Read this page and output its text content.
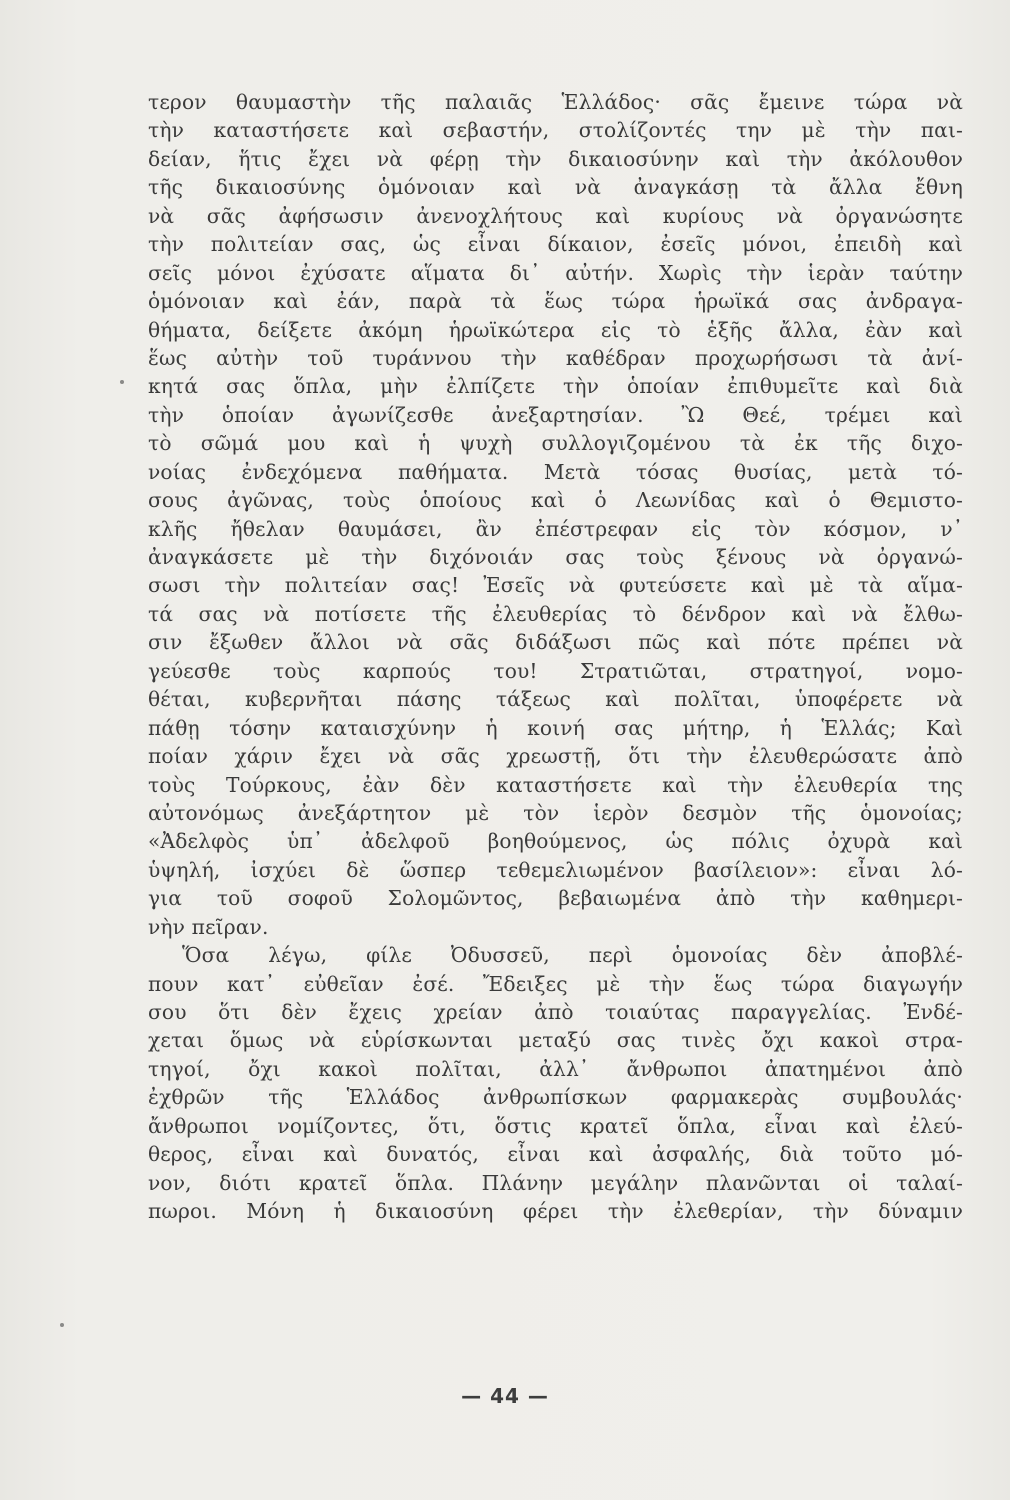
τερον θαυμαστὴν τῆς παλαιᾶς Ἑλλάδος· σᾶς ἔμεινε τώρα νὰ
τὴν καταστήσετε καὶ σεβαστήν, στολίζοντές την μὲ τὴν παι-
δείαν, ἥτις ἔχει νὰ φέρῃ τὴν δικαιοσύνην καὶ τὴν ἀκόλουθον
τῆς δικαιοσύνης ὁμόνοιαν καὶ νὰ ἀναγκάσῃ τὰ ἄλλα ἔθνη
νὰ σᾶς ἀφήσωσιν ἀνενοχλήτους καὶ κυρίους νὰ ὀργανώσητε
τὴν πολιτείαν σας, ὡς εἶναι δίκαιον, ἐσεῖς μόνοι, ἐπειδὴ καὶ
σεῖς μόνοι ἐχύσατε αἵματα δι᾿ αὐτήν. Χωρὶς τὴν ἱερὰν ταύτην
ὁμόνοιαν καὶ ἐάν, παρὰ τὰ ἕως τώρα ἡρωϊκά σας ἀνδραγα-
θήματα, δείξετε ἀκόμη ἡρωϊκώτερα εἰς τὸ ἑξῆς ἄλλα, ἐὰν καὶ
ἕως αὐτὴν τοῦ τυράννου τὴν καθέδραν προχωρήσωσι τὰ ἀνί-
κητά σας ὅπλα, μὴν ἐλπίζετε τὴν ὁποίαν ἐπιθυμεῖτε καὶ διὰ
τὴν ὁποίαν ἀγωνίζεσθε ἀνεξαρτησίαν. Ὢ Θεέ, τρέμει καὶ
τὸ σῶμά μου καὶ ἡ ψυχὴ συλλογιζομένου τὰ ἐκ τῆς διχο-
νοίας ἐνδεχόμενα παθήματα. Μετὰ τόσας θυσίας, μετὰ τό-
σους ἀγῶνας, τοὺς ὁποίους καὶ ὁ Λεωνίδας καὶ ὁ Θεμιστο-
κλῆς ἤθελαν θαυμάσει, ἂν ἐπέστρεφαν εἰς τὸν κόσμον, ν᾿
ἀναγκάσετε μὲ τὴν διχόνοιάν σας τοὺς ξένους νὰ ὀργανώ-
σωσι τὴν πολιτείαν σας! Ἐσεῖς νὰ φυτεύσετε καὶ μὲ τὰ αἵμα-
τά σας νὰ ποτίσετε τῆς ἐλευθερίας τὸ δένδρον καὶ νὰ ἔλθω-
σιν ἔξωθεν ἄλλοι νὰ σᾶς διδάξωσι πῶς καὶ πότε πρέπει νὰ
γεύεσθε τοὺς καρπούς του! Στρατιῶται, στρατηγοί, νομο-
θέται, κυβερνῆται πάσης τάξεως καὶ πολῖται, ὑποφέρετε νὰ
πάθῃ τόσην καταισχύνην ἡ κοινή σας μήτηρ, ἡ Ἑλλάς; Καὶ
ποίαν χάριν ἔχει νὰ σᾶς χρεωστῇ, ὅτι τὴν ἐλευθερώσατε ἀπὸ
τοὺς Τούρκους, ἐὰν δὲν καταστήσετε καὶ τὴν ἐλευθερία της
αὐτονόμως ἀνεξάρτητον μὲ τὸν ἱερὸν δεσμὸν τῆς ὁμονοίας;
«Ἀδελφὸς ὑπ᾿ ἀδελφοῦ βοηθούμενος, ὡς πόλις ὀχυρὰ καὶ
ὑψηλή, ἰσχύει δὲ ὥσπερ τεθεμελιωμένον βασίλειον»: εἶναι λό-
για τοῦ σοφοῦ Σολομῶντος, βεβαιωμένα ἀπὸ τὴν καθημερι-
νὴν πεῖραν.
Ὅσα λέγω, φίλε Ὀδυσσεῦ, περὶ ὁμονοίας δὲν ἀποβλέ-
πουν κατ᾿ εὐθεῖαν ἐσέ. Ἔδειξες μὲ τὴν ἕως τώρα διαγωγήν
σου ὅτι δὲν ἔχεις χρείαν ἀπὸ τοιαύτας παραγγελίας. Ἐνδέ-
χεται ὅμως νὰ εὑρίσκωνται μεταξύ σας τινὲς ὄχι κακοὶ στρα-
τηγοί, ὄχι κακοὶ πολῖται, ἀλλ᾿ ἄνθρωποι ἀπατημένοι ἀπὸ
ἐχθρῶν τῆς Ἑλλάδος ἀνθρωπίσκων φαρμακερὰς συμβουλάς·
ἄνθρωποι νομίζοντες, ὅτι, ὅστις κρατεῖ ὅπλα, εἶναι καὶ ἐλεύ-
θερος, εἶναι καὶ δυνατός, εἶναι καὶ ἀσφαλής, διὰ τοῦτο μό-
νον, διότι κρατεῖ ὅπλα. Πλάνην μεγάλην πλανῶνται οἱ ταλαί-
πωροι. Μόνη ἡ δικαιοσύνη φέρει τὴν ἐλεθερίαν, τὴν δύναμιν
— 44 —
